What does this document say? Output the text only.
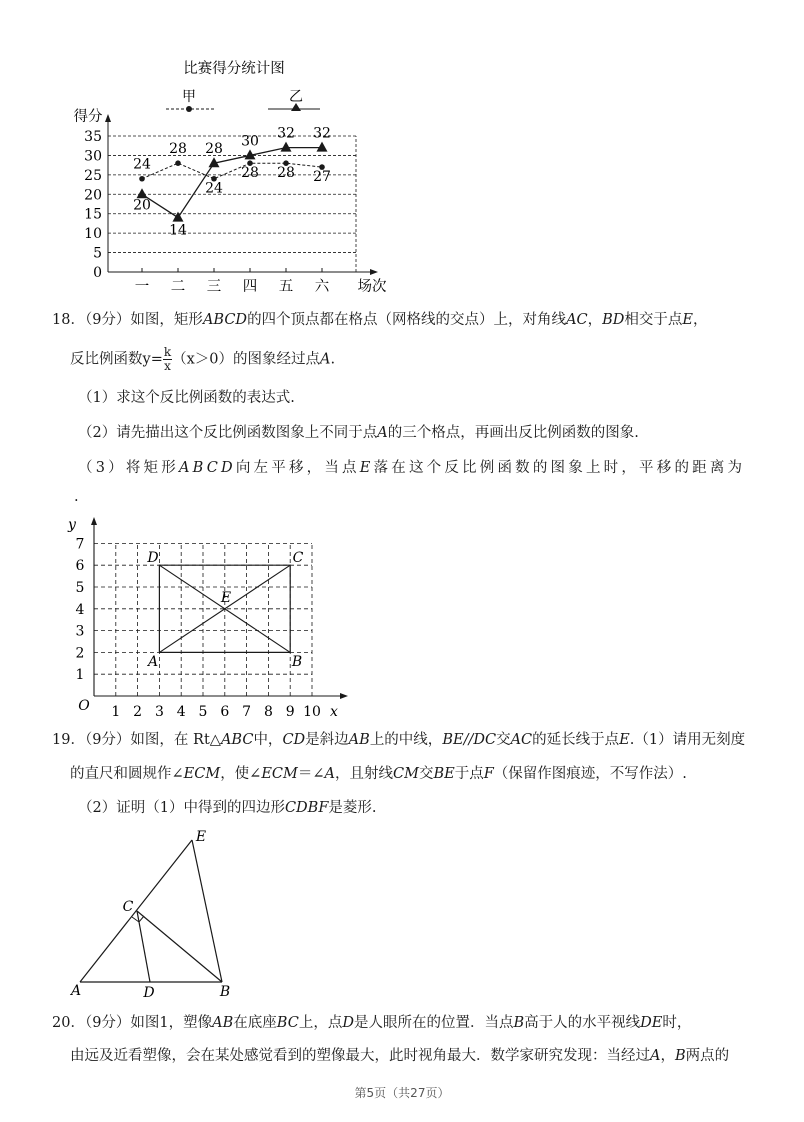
比赛得分统计图
甲	乙
得分
场次
35
30
25
20
15
10
5
0
一 二 三 四 五 六
24
28
24
28 28 27
20
14
28 30 32 32
18．（9分）如图，矩形ABCD的四个顶点都在格点（网格线的交点）上，对角线AC，BD相交于点E，
反比例函数$y= \frac{k}{x} (x>0)$的图象经过点A.
（1）求这个反比例函数的表达式.
（2）请先描出这个反比例函数图象上不同于点A的三个格点，再画出反比例函数的图象.
（3）将矩形ABCD向左平移，当点E落在这个反比例函数的图象上时，平移的距离为
.
7
6
5
4
3
2
1
1 2 3 4 5 6 7 8 9 10
y
x
O
A	B
C
D
E
19．（9分）如图，在 Rt△ABC中，CD是斜边AB上的中线，BE//DC交AC的延长线于点E.（1）请用无刻度
的直尺和圆规作∠ECM，使∠ECM＝∠A，且射线CM交BE于点F（保留作图痕迹，不写作法）.
（2）证明（1）中得到的四边形CDBF是菱形.
A	D	B
C
E
20．（9分）如图1，塑像AB在底座BC上，点D是人眼所在的位置．当点B高于人的水平视线DE时，
由远及近看塑像，会在某处感觉看到的塑像最大，此时视角最大．数学家研究发现：当经过A，B两点的
第5页（共27页）
